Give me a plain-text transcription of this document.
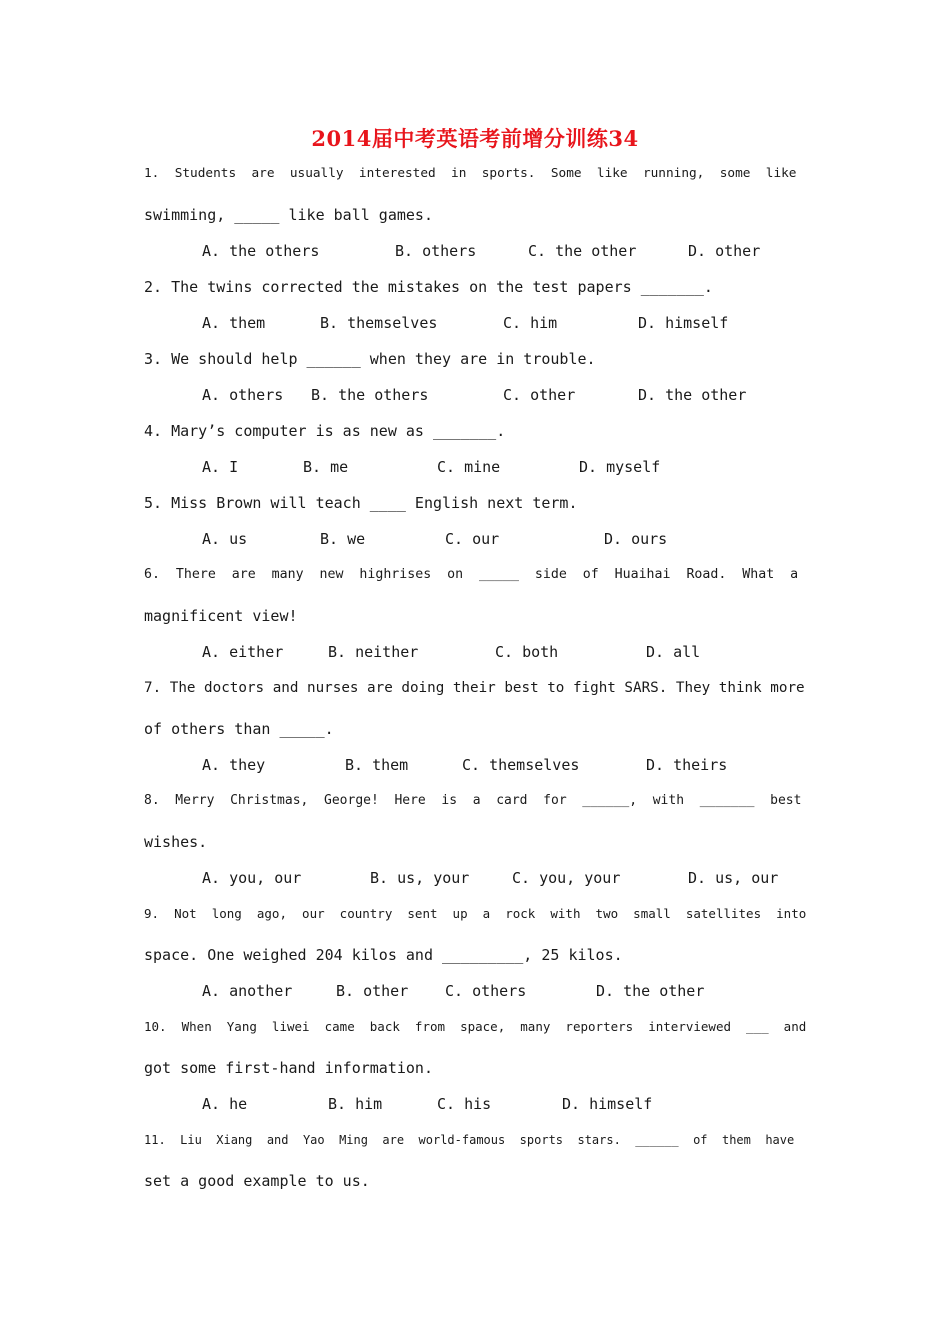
2014届中考英语考前增分训练34
1.  Students  are  usually  interested  in  sports.  Some  like  running,  some  like
swimming, _____ like ball games.
A. the others	B. others	C. the other	D. other
2. The twins corrected the mistakes on the test papers _______.
A. them	B. themselves	C. him	D. himself
3. We should help ______ when they are in trouble.
A. others B. the others	C. other	D. the other
4. Mary’s computer is as new as _______.
A. I	B. me	C. mine	D. myself
5. Miss Brown will teach ____ English next term.
A. us	B. we	C. our	D. ours
6.  There  are  many  new  highrises  on  _____  side  of  Huaihai  Road.  What  a
magnificent view!
A. either	B. neither	C. both	D. all
7. The doctors and nurses are doing their best to fight SARS. They think more
of others than _____.
A. they	B. them	C. themselves	D. theirs
8.  Merry  Christmas,  George!  Here  is  a  card  for  ______,  with  _______  best
wishes.
A. you, our	B. us, your	C. you, your	D. us, our
9.  Not  long  ago,  our  country  sent  up  a  rock  with  two  small  satellites  into
space. One weighed 204 kilos and _________, 25 kilos.
A. another	B. other C. others	D. the other
10.  When  Yang  liwei  came  back  from  space,  many  reporters  interviewed  ___  and
got some first-hand information.
A. he	B. him	C. his	D. himself
11.  Liu  Xiang  and  Yao  Ming  are  world-famous  sports  stars.  ______  of  them  have
set a good example to us.
